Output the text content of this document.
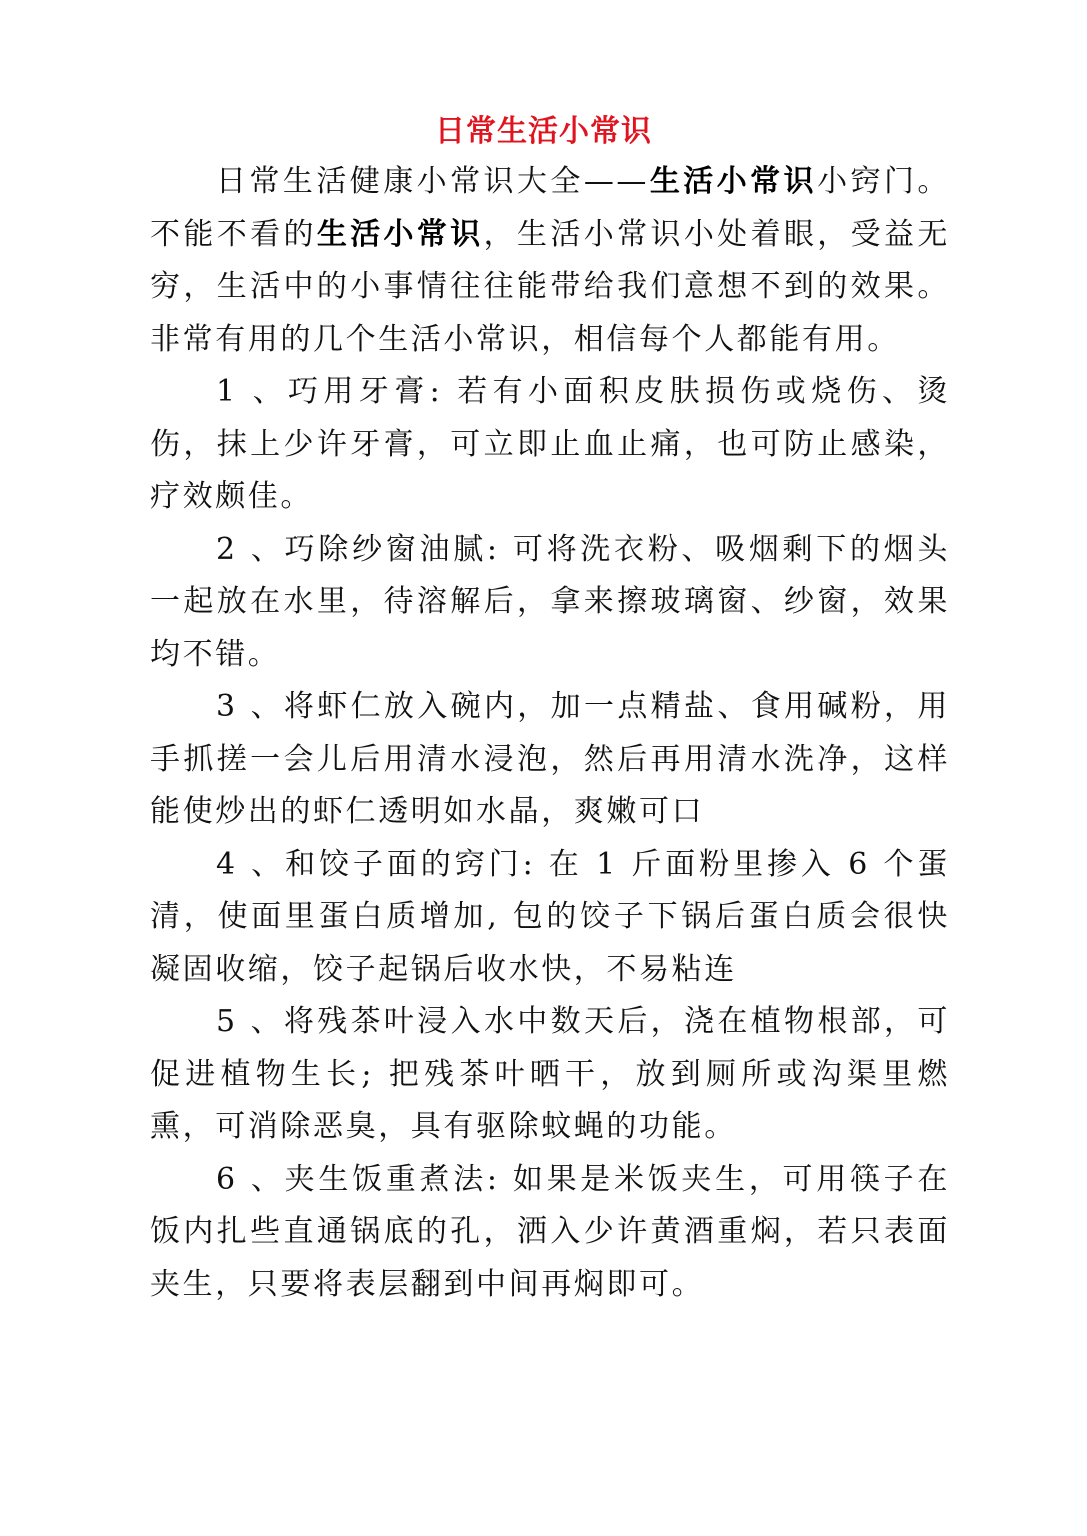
日常生活小常识

日常生活健康小常识大全——生活小常识小窍门。不能不看的生活小常识，生活小常识小处着眼，受益无穷，生活中的小事情往往能带给我们意想不到的效果。非常有用的几个生活小常识，相信每个人都能有用。

1 、巧用牙膏: 若有小面积皮肤损伤或烧伤、烫伤，抹上少许牙膏，可立即止血止痛，也可防止感染，疗效颇佳。

2 、巧除纱窗油腻: 可将洗衣粉、吸烟剩下的烟头一起放在水里，待溶解后，拿来擦玻璃窗、纱窗，效果均不错。

3 、将虾仁放入碗内，加一点精盐、食用碱粉，用手抓搓一会儿后用清水浸泡，然后再用清水洗净，这样能使炒出的虾仁透明如水晶，爽嫩可口

4 、和饺子面的窍门: 在 1 斤面粉里掺入 6 个蛋清，使面里蛋白质增加, 包的饺子下锅后蛋白质会很快凝固收缩，饺子起锅后收水快，不易粘连

5 、将残茶叶浸入水中数天后，浇在植物根部，可促进植物生长; 把残茶叶晒干，放到厕所或沟渠里燃熏，可消除恶臭，具有驱除蚊蝇的功能。

6 、夹生饭重煮法: 如果是米饭夹生，可用筷子在饭内扎些直通锅底的孔，洒入少许黄酒重焖，若只表面夹生，只要将表层翻到中间再焖即可。
